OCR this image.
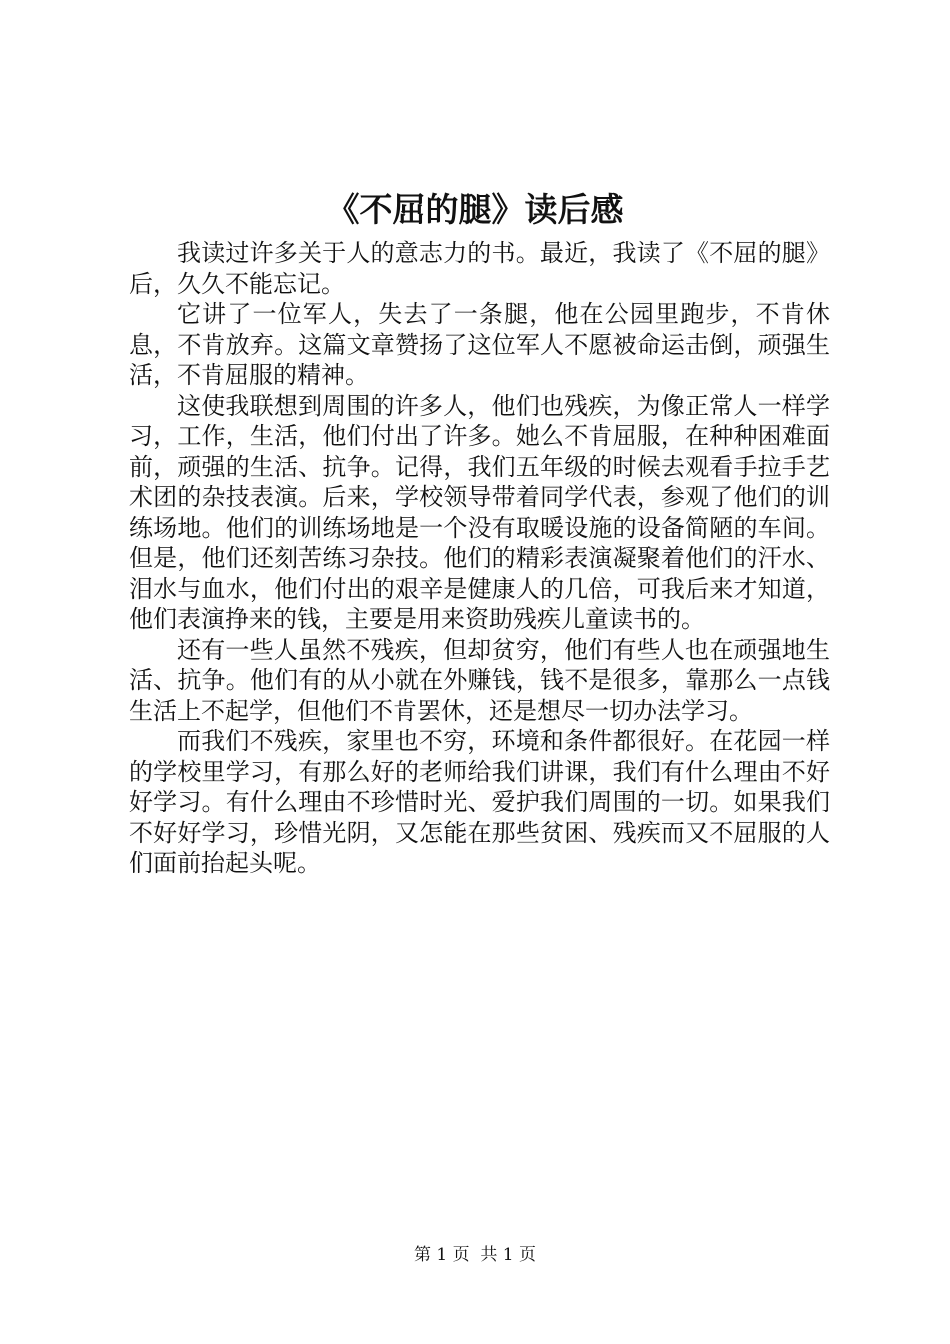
《不屈的腿》读后感

我读过许多关于人的意志力的书。最近，我读了《不屈的腿》后，久久不能忘记。

它讲了一位军人，失去了一条腿，他在公园里跑步，不肯休息，不肯放弃。这篇文章赞扬了这位军人不愿被命运击倒，顽强生活，不肯屈服的精神。

这使我联想到周围的许多人，他们也残疾，为像正常人一样学习，工作，生活，他们付出了许多。她么不肯屈服，在种种困难面前，顽强的生活、抗争。记得，我们五年级的时候去观看手拉手艺术团的杂技表演。后来，学校领导带着同学代表，参观了他们的训练场地。他们的训练场地是一个没有取暖设施的设备简陋的车间。但是，他们还刻苦练习杂技。他们的精彩表演凝聚着他们的汗水、泪水与血水，他们付出的艰辛是健康人的几倍，可我后来才知道，他们表演挣来的钱，主要是用来资助残疾儿童读书的。

还有一些人虽然不残疾，但却贫穷，他们有些人也在顽强地生活、抗争。他们有的从小就在外赚钱，钱不是很多，靠那么一点钱生活上不起学，但他们不肯罢休，还是想尽一切办法学习。

而我们不残疾，家里也不穷，环境和条件都很好。在花园一样的学校里学习，有那么好的老师给我们讲课，我们有什么理由不好好学习。有什么理由不珍惜时光、爱护我们周围的一切。如果我们不好好学习，珍惜光阴，又怎能在那些贫困、残疾而又不屈服的人们面前抬起头呢。

第 1 页 共 1 页
